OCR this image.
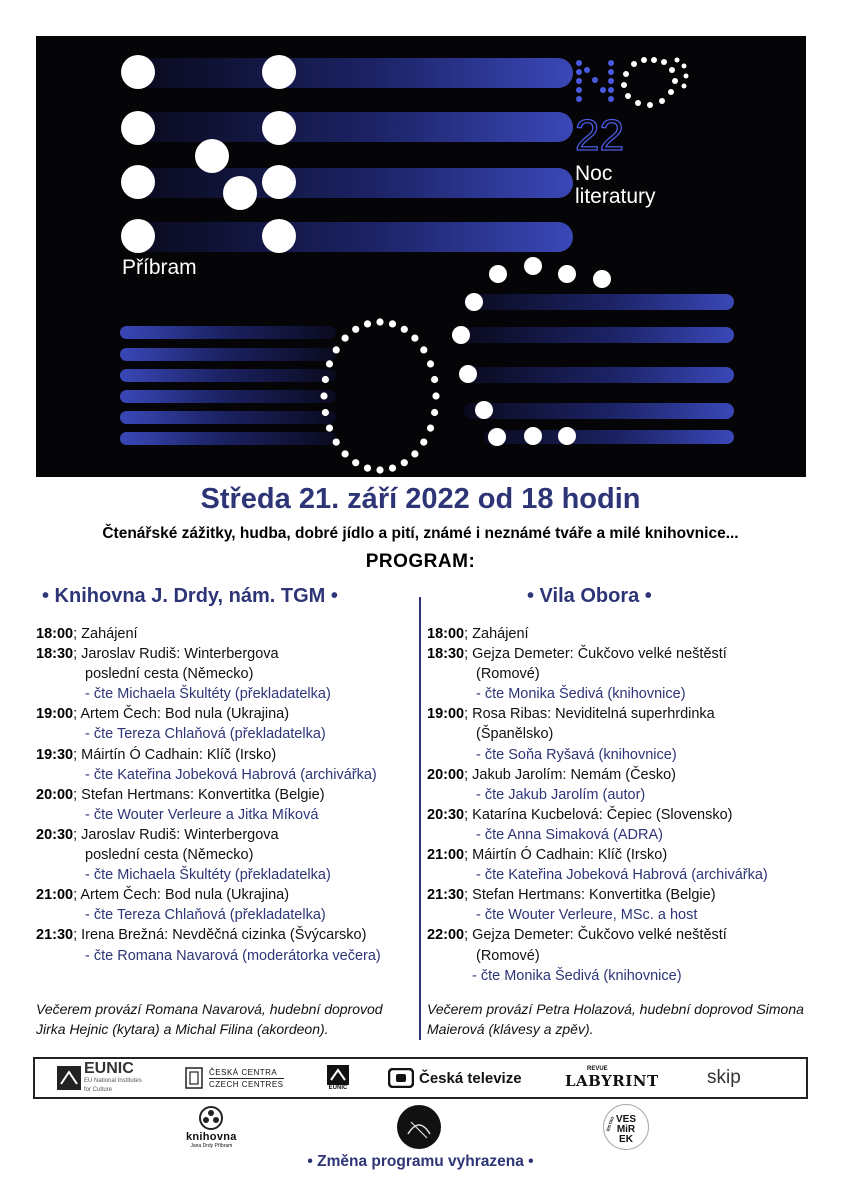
22
Příbram
Noc
literatury
Středa 21. září 2022 od 18 hodin
Čtenářské zážitky, hudba, dobré jídlo a pití, známé i neznámé tváře a milé knihovnice...
PROGRAM:
• Knihovna J. Drdy, nám. TGM •	• Vila Obora •
18:00; Zahájení
18:30; Jaroslav Rudiš: Winterbergova
poslední cesta (Německo)
- čte Michaela Škultéty (překladatelka)
19:00; Artem Čech: Bod nula (Ukrajina)
- čte Tereza Chlaňová (překladatelka)
19:30; Máirtín Ó Cadhain: Klíč (Irsko)
- čte Kateřina Jobeková Habrová (archivářka)
20:00; Stefan Hertmans: Konvertitka (Belgie)
- čte Wouter Verleure a Jitka Míková
20:30; Jaroslav Rudiš: Winterbergova
poslední cesta (Německo)
- čte Michaela Škultéty (překladatelka)
21:00; Artem Čech: Bod nula (Ukrajina)
- čte Tereza Chlaňová (překladatelka)
21:30; Irena Brežná: Nevděčná cizinka (Švýcarsko)
- čte Romana Navarová (moderátorka večera)
18:00; Zahájení
18:30; Gejza Demeter: Čukčovo velké neštěstí
(Romové)
- čte Monika Šedivá (knihovnice)
19:00; Rosa Ribas: Neviditelná superhrdinka
(Španělsko)
- čte Soňa Ryšavá (knihovnice)
20:00; Jakub Jarolím: Nemám (Česko)
- čte Jakub Jarolím (autor)
20:30; Katarína Kucbelová: Čepiec (Slovensko)
- čte Anna Simaková (ADRA)
21:00; Máirtín Ó Cadhain: Klíč (Irsko)
- čte Kateřina Jobeková Habrová (archivářka)
21:30; Stefan Hertmans: Konvertitka (Belgie)
- čte Wouter Verleure, MSc. a host
22:00; Gejza Demeter: Čukčovo velké neštěstí
(Romové)
- čte Monika Šedivá (knihovnice)
Večerem provází Romana Navarová, hudební doprovod Jirka Hejnic (kytara) a Michal Filina (akordeon).
Večerem provází Petra Holazová, hudební doprovod Simona Maierová (klávesy a zpěv).
EUNIC
EU National Institutes
for Culture
ČESKÁ CENTRA
CZECH CENTRES	EUNIC
Česká televize
REVUE
LABYRINT	skip
knihovna
Jana Drdy Příbram
VES
MiR
EK
BISTRO
• Změna programu vyhrazena •
